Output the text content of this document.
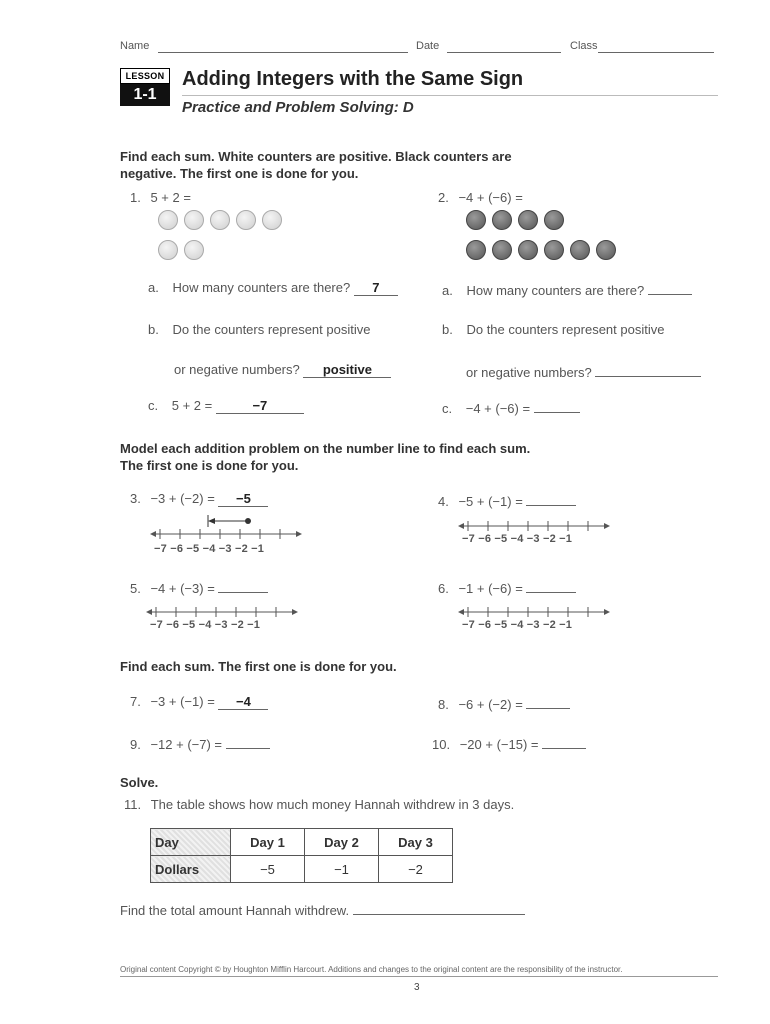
Name	Date	Class
LESSON
1-1
Adding Integers with the Same Sign
Practice and Problem Solving: D
Find each sum. White counters are positive. Black counters are
negative. The first one is done for you.
1. 5 + 2 =
a. How many counters are there? 7
b. Do the counters represent positive
or negative numbers? positive
c. 5 + 2 =	−7
2. −4 + (−6) =
a. How many counters are there?
b. Do the counters represent positive
or negative numbers?
c. −4 + (−6) =
Model each addition problem on the number line to find each sum.
The first one is done for you.
3. −3 + (−2) = −5
−7 −6 −5 −4 −3 −2 −1
4. −5 + (−1) =
−7 −6 −5 −4 −3 −2 −1
5. −4 + (−3) =
−7 −6 −5 −4 −3 −2 −1
6. −1 + (−6) =
−7 −6 −5 −4 −3 −2 −1
Find each sum. The first one is done for you.
7. −3 + (−1) = −4	8. −6 + (−2) =
9. −12 + (−7) =	10. −20 + (−15) =
Solve.
11. The table shows how much money Hannah withdrew in 3 days.
Day	Day 1	Day 2	Day 3
Dollars	−5	−1	−2
Find the total amount Hannah withdrew.
Original content Copyright © by Houghton Mifflin Harcourt. Additions and changes to the original content are the responsibility of the instructor.
3
